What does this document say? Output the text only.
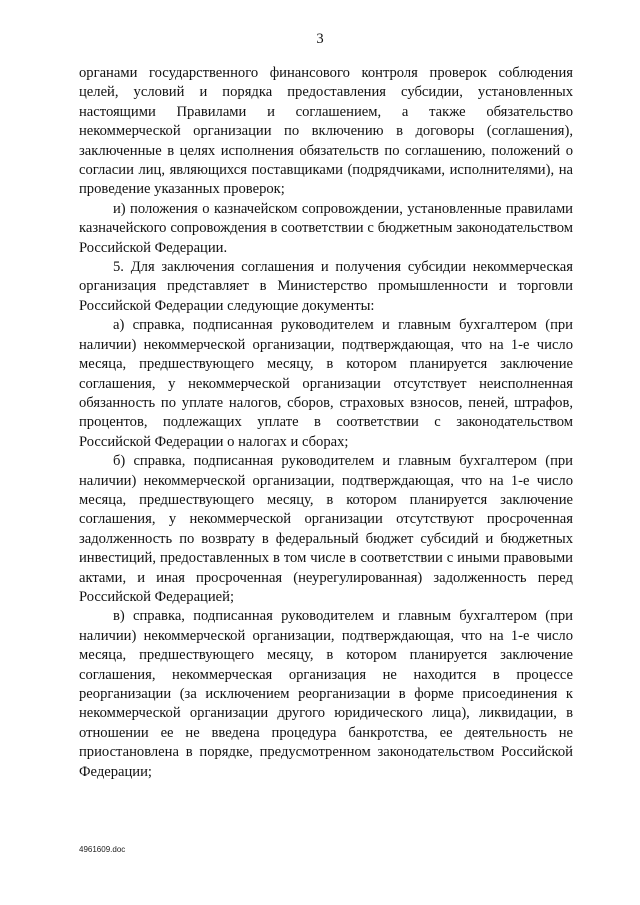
3

органами государственного финансового контроля проверок соблюдения целей, условий и порядка предоставления субсидии, установленных настоящими Правилами и соглашением, а также обязательство некоммерческой организации по включению в договоры (соглашения), заключенные в целях исполнения обязательств по соглашению, положений о согласии лиц, являющихся поставщиками (подрядчиками, исполнителями), на проведение указанных проверок;

и) положения о казначейском сопровождении, установленные правилами казначейского сопровождения в соответствии с бюджетным законодательством Российской Федерации.

5. Для заключения соглашения и получения субсидии некоммерческая организация представляет в Министерство промышленности и торговли Российской Федерации следующие документы:

а) справка, подписанная руководителем и главным бухгалтером (при наличии) некоммерческой организации, подтверждающая, что на 1-е число месяца, предшествующего месяцу, в котором планируется заключение соглашения, у некоммерческой организации отсутствует неисполненная обязанность по уплате налогов, сборов, страховых взносов, пеней, штрафов, процентов, подлежащих уплате в соответствии с законодательством Российской Федерации о налогах и сборах;

б) справка, подписанная руководителем и главным бухгалтером (при наличии) некоммерческой организации, подтверждающая, что на 1-е число месяца, предшествующего месяцу, в котором планируется заключение соглашения, у некоммерческой организации отсутствуют просроченная задолженность по возврату в федеральный бюджет субсидий и бюджетных инвестиций, предоставленных в том числе в соответствии с иными правовыми актами, и иная просроченная (неурегулированная) задолженность перед Российской Федерацией;

в) справка, подписанная руководителем и главным бухгалтером (при наличии) некоммерческой организации, подтверждающая, что на 1-е число месяца, предшествующего месяцу, в котором планируется заключение соглашения, некоммерческая организация не находится в процессе реорганизации (за исключением реорганизации в форме присоединения к некоммерческой организации другого юридического лица), ликвидации, в отношении ее не введена процедура банкротства, ее деятельность не приостановлена в порядке, предусмотренном законодательством Российской Федерации;

4961609.doc
